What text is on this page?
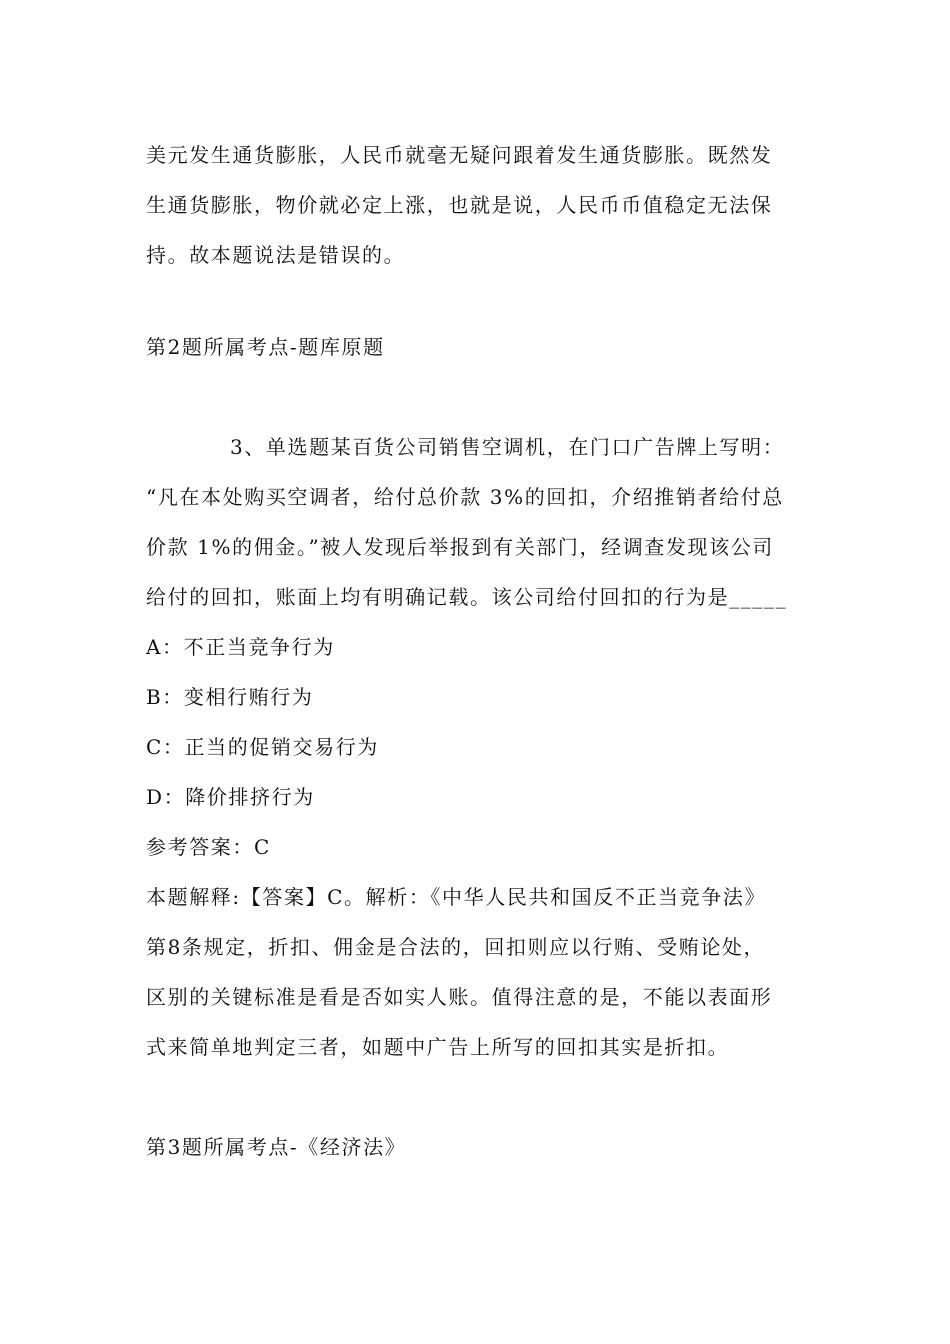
美元发生通货膨胀，人民币就毫无疑问跟着发生通货膨胀。既然发
生通货膨胀，物价就必定上涨，也就是说，人民币币值稳定无法保
持。故本题说法是错误的。
第2题所属考点-题库原题
3、单选题某百货公司销售空调机，在门口广告牌上写明：
“凡在本处购买空调者，给付总价款 3%的回扣，介绍推销者给付总
价款 1%的佣金。”被人发现后举报到有关部门，经调查发现该公司
给付的回扣，账面上均有明确记载。该公司给付回扣的行为是_____
A：不正当竞争行为
B：变相行贿行为
C：正当的促销交易行为
D：降价排挤行为
参考答案：C
本题解释:【答案】C。解析：《中华人民共和国反不正当竞争法》
第8条规定，折扣、佣金是合法的，回扣则应以行贿、受贿论处，
区别的关键标准是看是否如实人账。值得注意的是，不能以表面形
式来简单地判定三者，如题中广告上所写的回扣其实是折扣。
第3题所属考点-《经济法》
